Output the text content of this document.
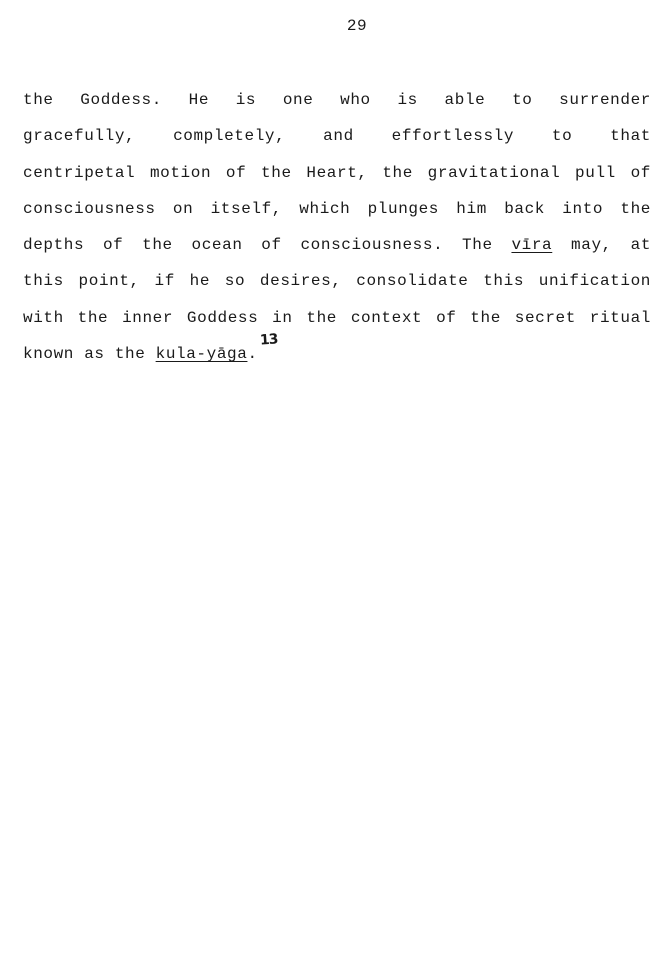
29
the Goddess. He is one who is able to surrender
gracefully, completely, and effortlessly to that
centripetal motion of the Heart, the gravitational pull of
consciousness on itself, which plunges him back into the
depths of the ocean of consciousness. The vīra may, at
this point, if he so desires, consolidate this unification
with the inner Goddess in the context of the secret ritual
known as the kula-yāga.13
